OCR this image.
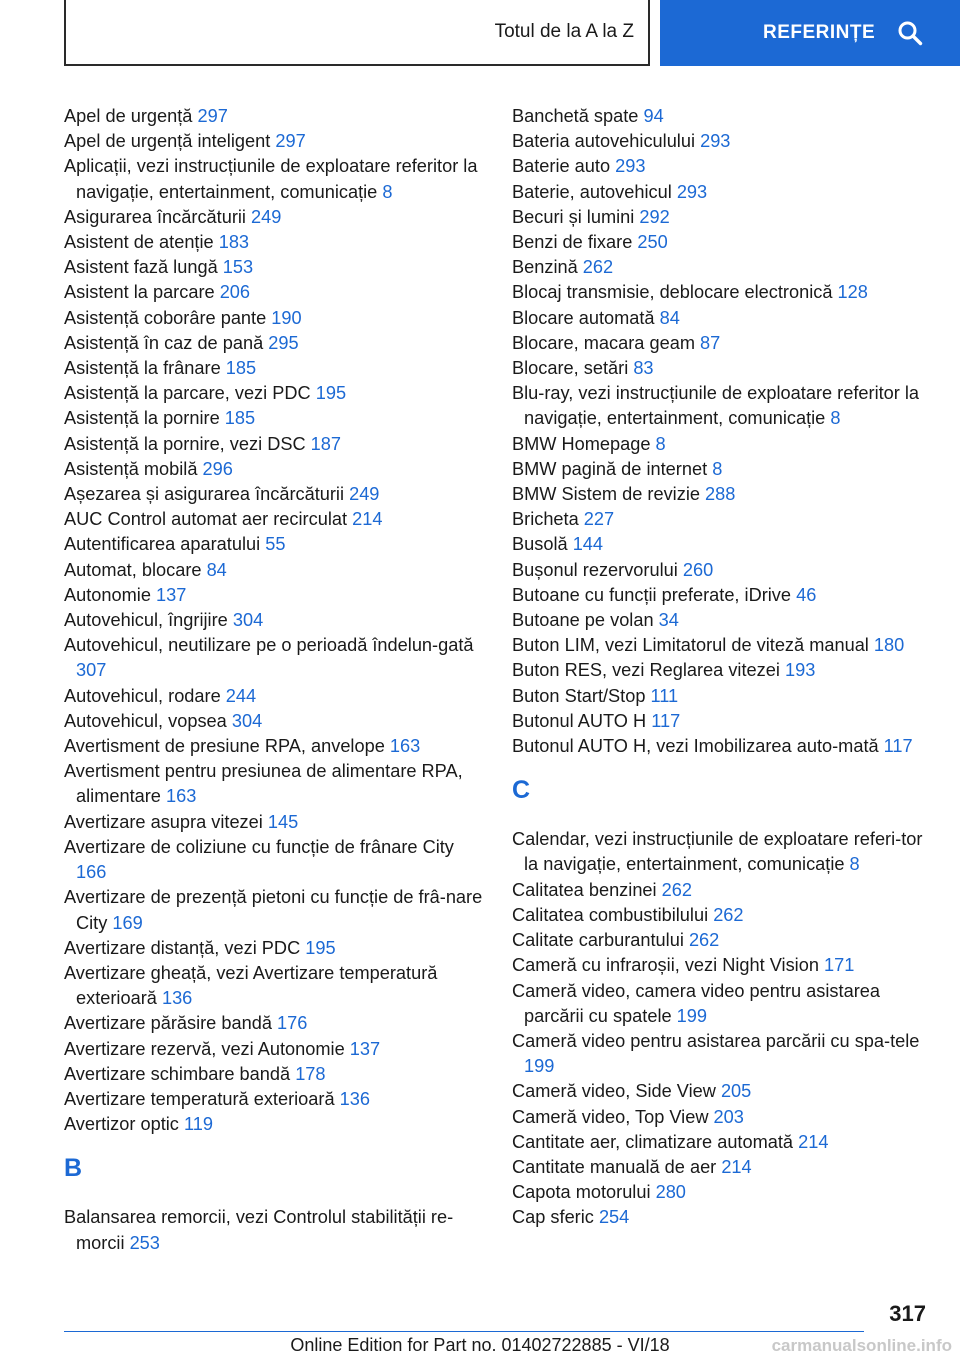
Totul de la A la Z	REFERINȚE
Apel de urgență 297
Apel de urgență inteligent 297
Aplicații, vezi instrucțiunile de exploatare referitor la navigație, entertainment, comunicație 8
Asigurarea încărcăturii 249
Asistent de atenție 183
Asistent fază lungă 153
Asistent la parcare 206
Asistență coborâre pante 190
Asistență în caz de pană 295
Asistență la frânare 185
Asistență la parcare, vezi PDC 195
Asistență la pornire 185
Asistență la pornire, vezi DSC 187
Asistență mobilă 296
Așezarea și asigurarea încărcăturii 249
AUC Control automat aer recirculat 214
Autentificarea aparatului 55
Automat, blocare 84
Autonomie 137
Autovehicul, îngrijire 304
Autovehicul, neutilizare pe o perioadă îndelun-gată 307
Autovehicul, rodare 244
Autovehicul, vopsea 304
Avertisment de presiune RPA, anvelope 163
Avertisment pentru presiunea de alimentare RPA, alimentare 163
Avertizare asupra vitezei 145
Avertizare de coliziune cu funcție de frânare City 166
Avertizare de prezență pietoni cu funcție de frâ-nare City 169
Avertizare distanță, vezi PDC 195
Avertizare gheață, vezi Avertizare temperatură exterioară 136
Avertizare părăsire bandă 176
Avertizare rezervă, vezi Autonomie 137
Avertizare schimbare bandă 178
Avertizare temperatură exterioară 136
Avertizor optic 119
B
Balansarea remorcii, vezi Controlul stabilității re-morcii 253
Banchetă spate 94
Bateria autovehiculului 293
Baterie auto 293
Baterie, autovehicul 293
Becuri și lumini 292
Benzi de fixare 250
Benzină 262
Blocaj transmisie, deblocare electronică 128
Blocare automată 84
Blocare, macara geam 87
Blocare, setări 83
Blu-ray, vezi instrucțiunile de exploatare referitor la navigație, entertainment, comunicație 8
BMW Homepage 8
BMW pagină de internet 8
BMW Sistem de revizie 288
Bricheta 227
Busolă 144
Bușonul rezervorului 260
Butoane cu funcții preferate, iDrive 46
Butoane pe volan 34
Buton LIM, vezi Limitatorul de viteză manual 180
Buton RES, vezi Reglarea vitezei 193
Buton Start/Stop 111
Butonul AUTO H 117
Butonul AUTO H, vezi Imobilizarea auto-mată 117
C
Calendar, vezi instrucțiunile de exploatare referi-tor la navigație, entertainment, comunicație 8
Calitatea benzinei 262
Calitatea combustibilului 262
Calitate carburantului 262
Cameră cu infraroșii, vezi Night Vision 171
Cameră video, camera video pentru asistarea parcării cu spatele 199
Cameră video pentru asistarea parcării cu spa-tele 199
Cameră video, Side View 205
Cameră video, Top View 203
Cantitate aer, climatizare automată 214
Cantitate manuală de aer 214
Capota motorului 280
Cap sferic 254
317
Online Edition for Part no. 01402722885 - VI/18	carmanualsonline.info
